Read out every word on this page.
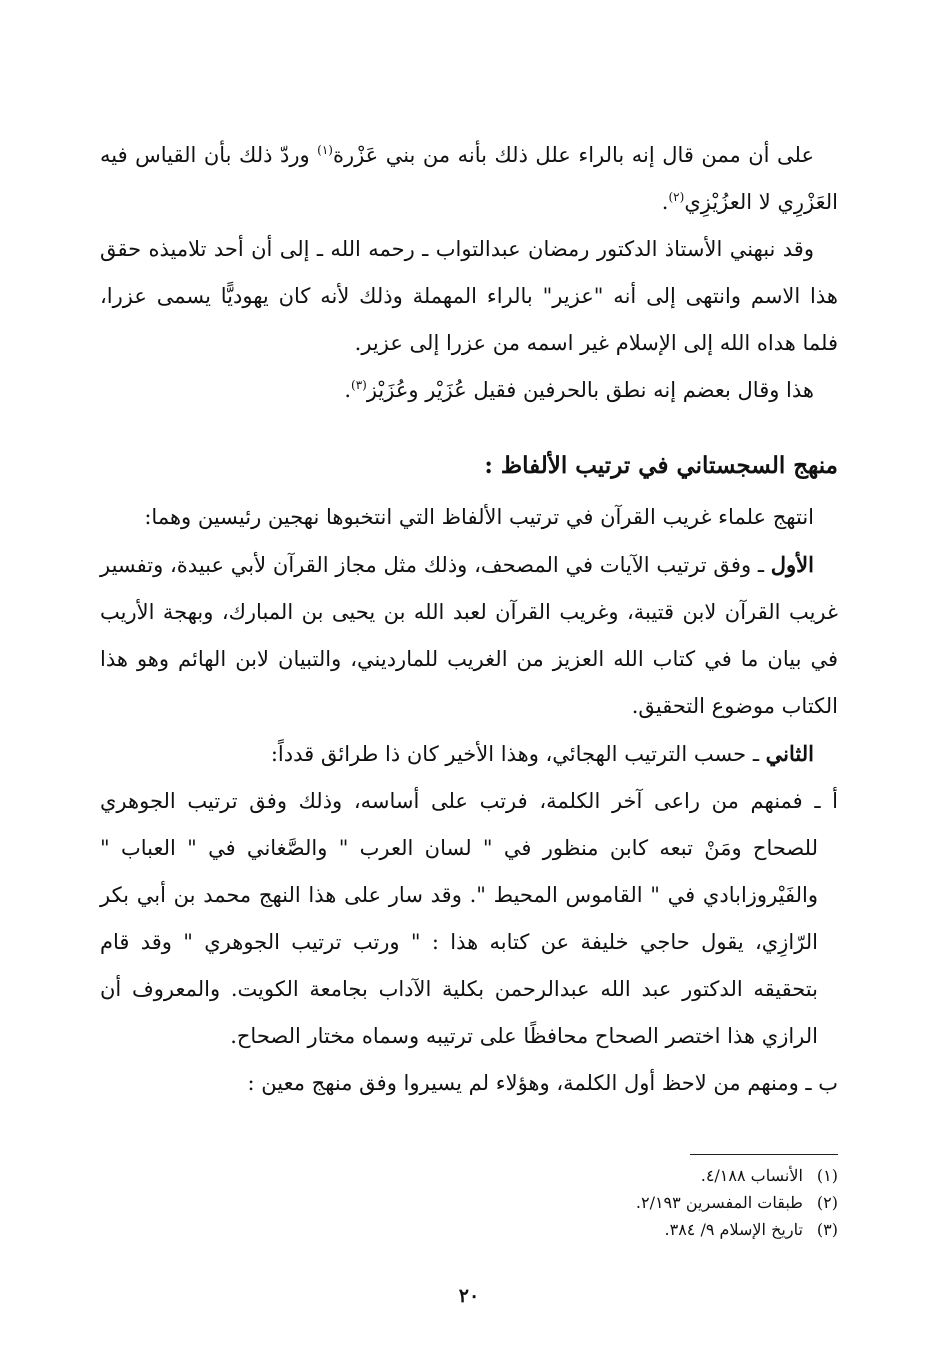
على أن ممن قال إنه بالراء علل ذلك بأنه من بني عَزْرة$^{(١)}$ وردّ ذلك بأن القياس فيه العَزْرِي لا العزُيْزِي$^{(٢)}$.

وقد نبهني الأستاذ الدكتور رمضان عبدالتواب ـ رحمه الله ـ إلى أن أحد تلاميذه حقق هذا الاسم وانتهى إلى أنه "عزير" بالراء المهملة وذلك لأنه كان يهوديًّا يسمى عزرا، فلما هداه الله إلى الإسلام غير اسمه من عزرا إلى عزير.

هذا وقال بعضم إنه نطق بالحرفين فقيل عُزَيْر وعُزَيْز$^{(٣)}$.

منهج السجستاني في ترتيب الألفاظ :

انتهج علماء غريب القرآن في ترتيب الألفاظ التي انتخبوها نهجين رئيسين وهما:

الأول ـ وفق ترتيب الآيات في المصحف، وذلك مثل مجاز القرآن لأبي عبيدة، وتفسير غريب القرآن لابن قتيبة، وغريب القرآن لعبد الله بن يحيى بن المبارك، وبهجة الأريب في بيان ما في كتاب الله العزيز من الغريب للمارديني، والتبيان لابن الهائم وهو هذا الكتاب موضوع التحقيق.

الثاني ـ حسب الترتيب الهجائي، وهذا الأخير كان ذا طرائق قدداً:

أ ـ فمنهم من راعى آخر الكلمة، فرتب على أساسه، وذلك وفق ترتيب الجوهري للصحاح ومَنْ تبعه كابن منظور في " لسان العرب " والصَّغاني في " العباب " والفَيْروزابادي في " القاموس المحيط ". وقد سار على هذا النهج محمد بن أبي بكر الرّازِي، يقول حاجي خليفة عن كتابه هذا : " ورتب ترتيب الجوهري " وقد قام بتحقيقه الدكتور عبد الله عبدالرحمن بكلية الآداب بجامعة الكويت. والمعروف أن الرازي هذا اختصر الصحاح محافظًا على ترتيبه وسماه مختار الصحاح.

ب ـ ومنهم من لاحظ أول الكلمة، وهؤلاء لم يسيروا وفق منهج معين :

(١) الأنساب ٤/١٨٨.
(٢) طبقات المفسرين ٢/١٩٣.
(٣) تاريخ الإسلام ٩/ ٣٨٤.
٢٠
